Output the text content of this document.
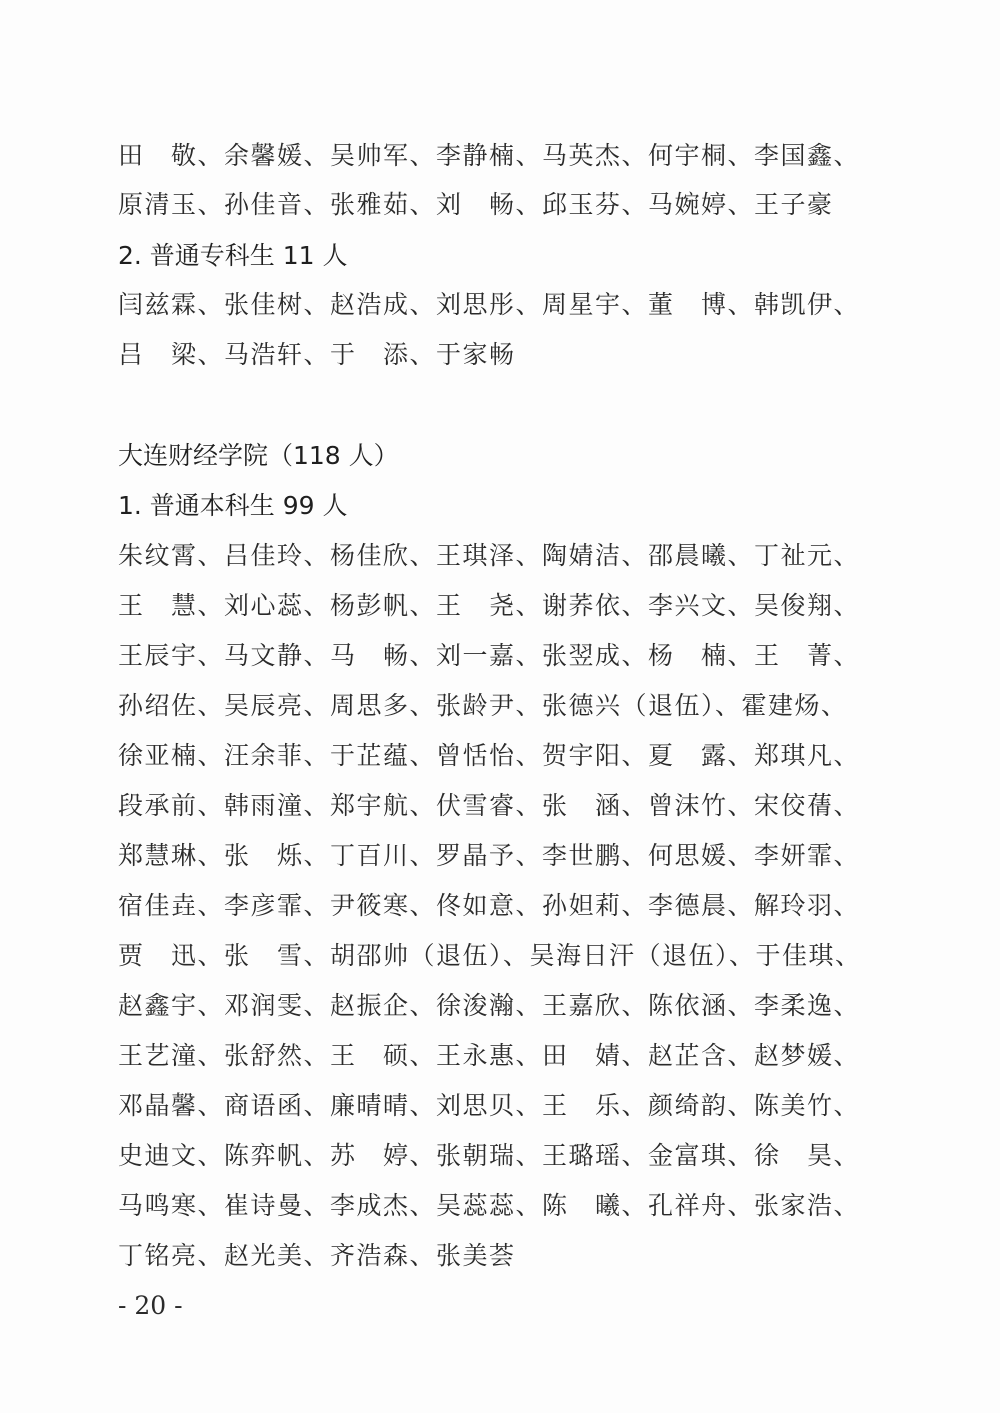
田　敬、余馨媛、吴帅军、李静楠、马英杰、何宇桐、李国鑫、
原清玉、孙佳音、张雅茹、刘　畅、邱玉芬、马婉婷、王子豪
2. 普通专科生 11 人
闫兹霖、张佳树、赵浩成、刘思彤、周星宇、董　博、韩凯伊、
吕　梁、马浩轩、于　添、于家畅
大连财经学院（118 人）
1. 普通本科生 99 人
朱纹霄、吕佳玲、杨佳欣、王琪泽、陶婧洁、邵晨曦、丁祉元、
王　慧、刘心蕊、杨彭帆、王　尧、谢荞依、李兴文、吴俊翔、
王辰宇、马文静、马　畅、刘一嘉、张翌成、杨　楠、王　菁、
孙绍佐、吴辰亮、周思多、张龄尹、张德兴（退伍）、霍建炀、
徐亚楠、汪余菲、于芷蕴、曾恬怡、贺宇阳、夏　露、郑琪凡、
段承前、韩雨潼、郑宇航、伏雪睿、张　涵、曾沫竹、宋佼蒨、
郑慧琳、张　烁、丁百川、罗晶予、李世鹏、何思媛、李妍霏、
宿佳垚、李彦霏、尹筱寒、佟如意、孙妲莉、李德晨、解玲羽、
贾　迅、张　雪、胡邵帅（退伍）、吴海日汗（退伍）、于佳琪、
赵鑫宇、邓润雯、赵振企、徐浚瀚、王嘉欣、陈依涵、李柔逸、
王艺潼、张舒然、王　硕、王永惠、田　婧、赵芷含、赵梦媛、
邓晶馨、商语函、廉晴晴、刘思贝、王　乐、颜绮韵、陈美竹、
史迪文、陈弈帆、苏　婷、张朝瑞、王璐瑶、金富琪、徐　昊、
马鸣寒、崔诗曼、李成杰、吴蕊蕊、陈　曦、孔祥舟、张家浩、
丁铭亮、赵光美、齐浩森、张美荟
- 20 -
